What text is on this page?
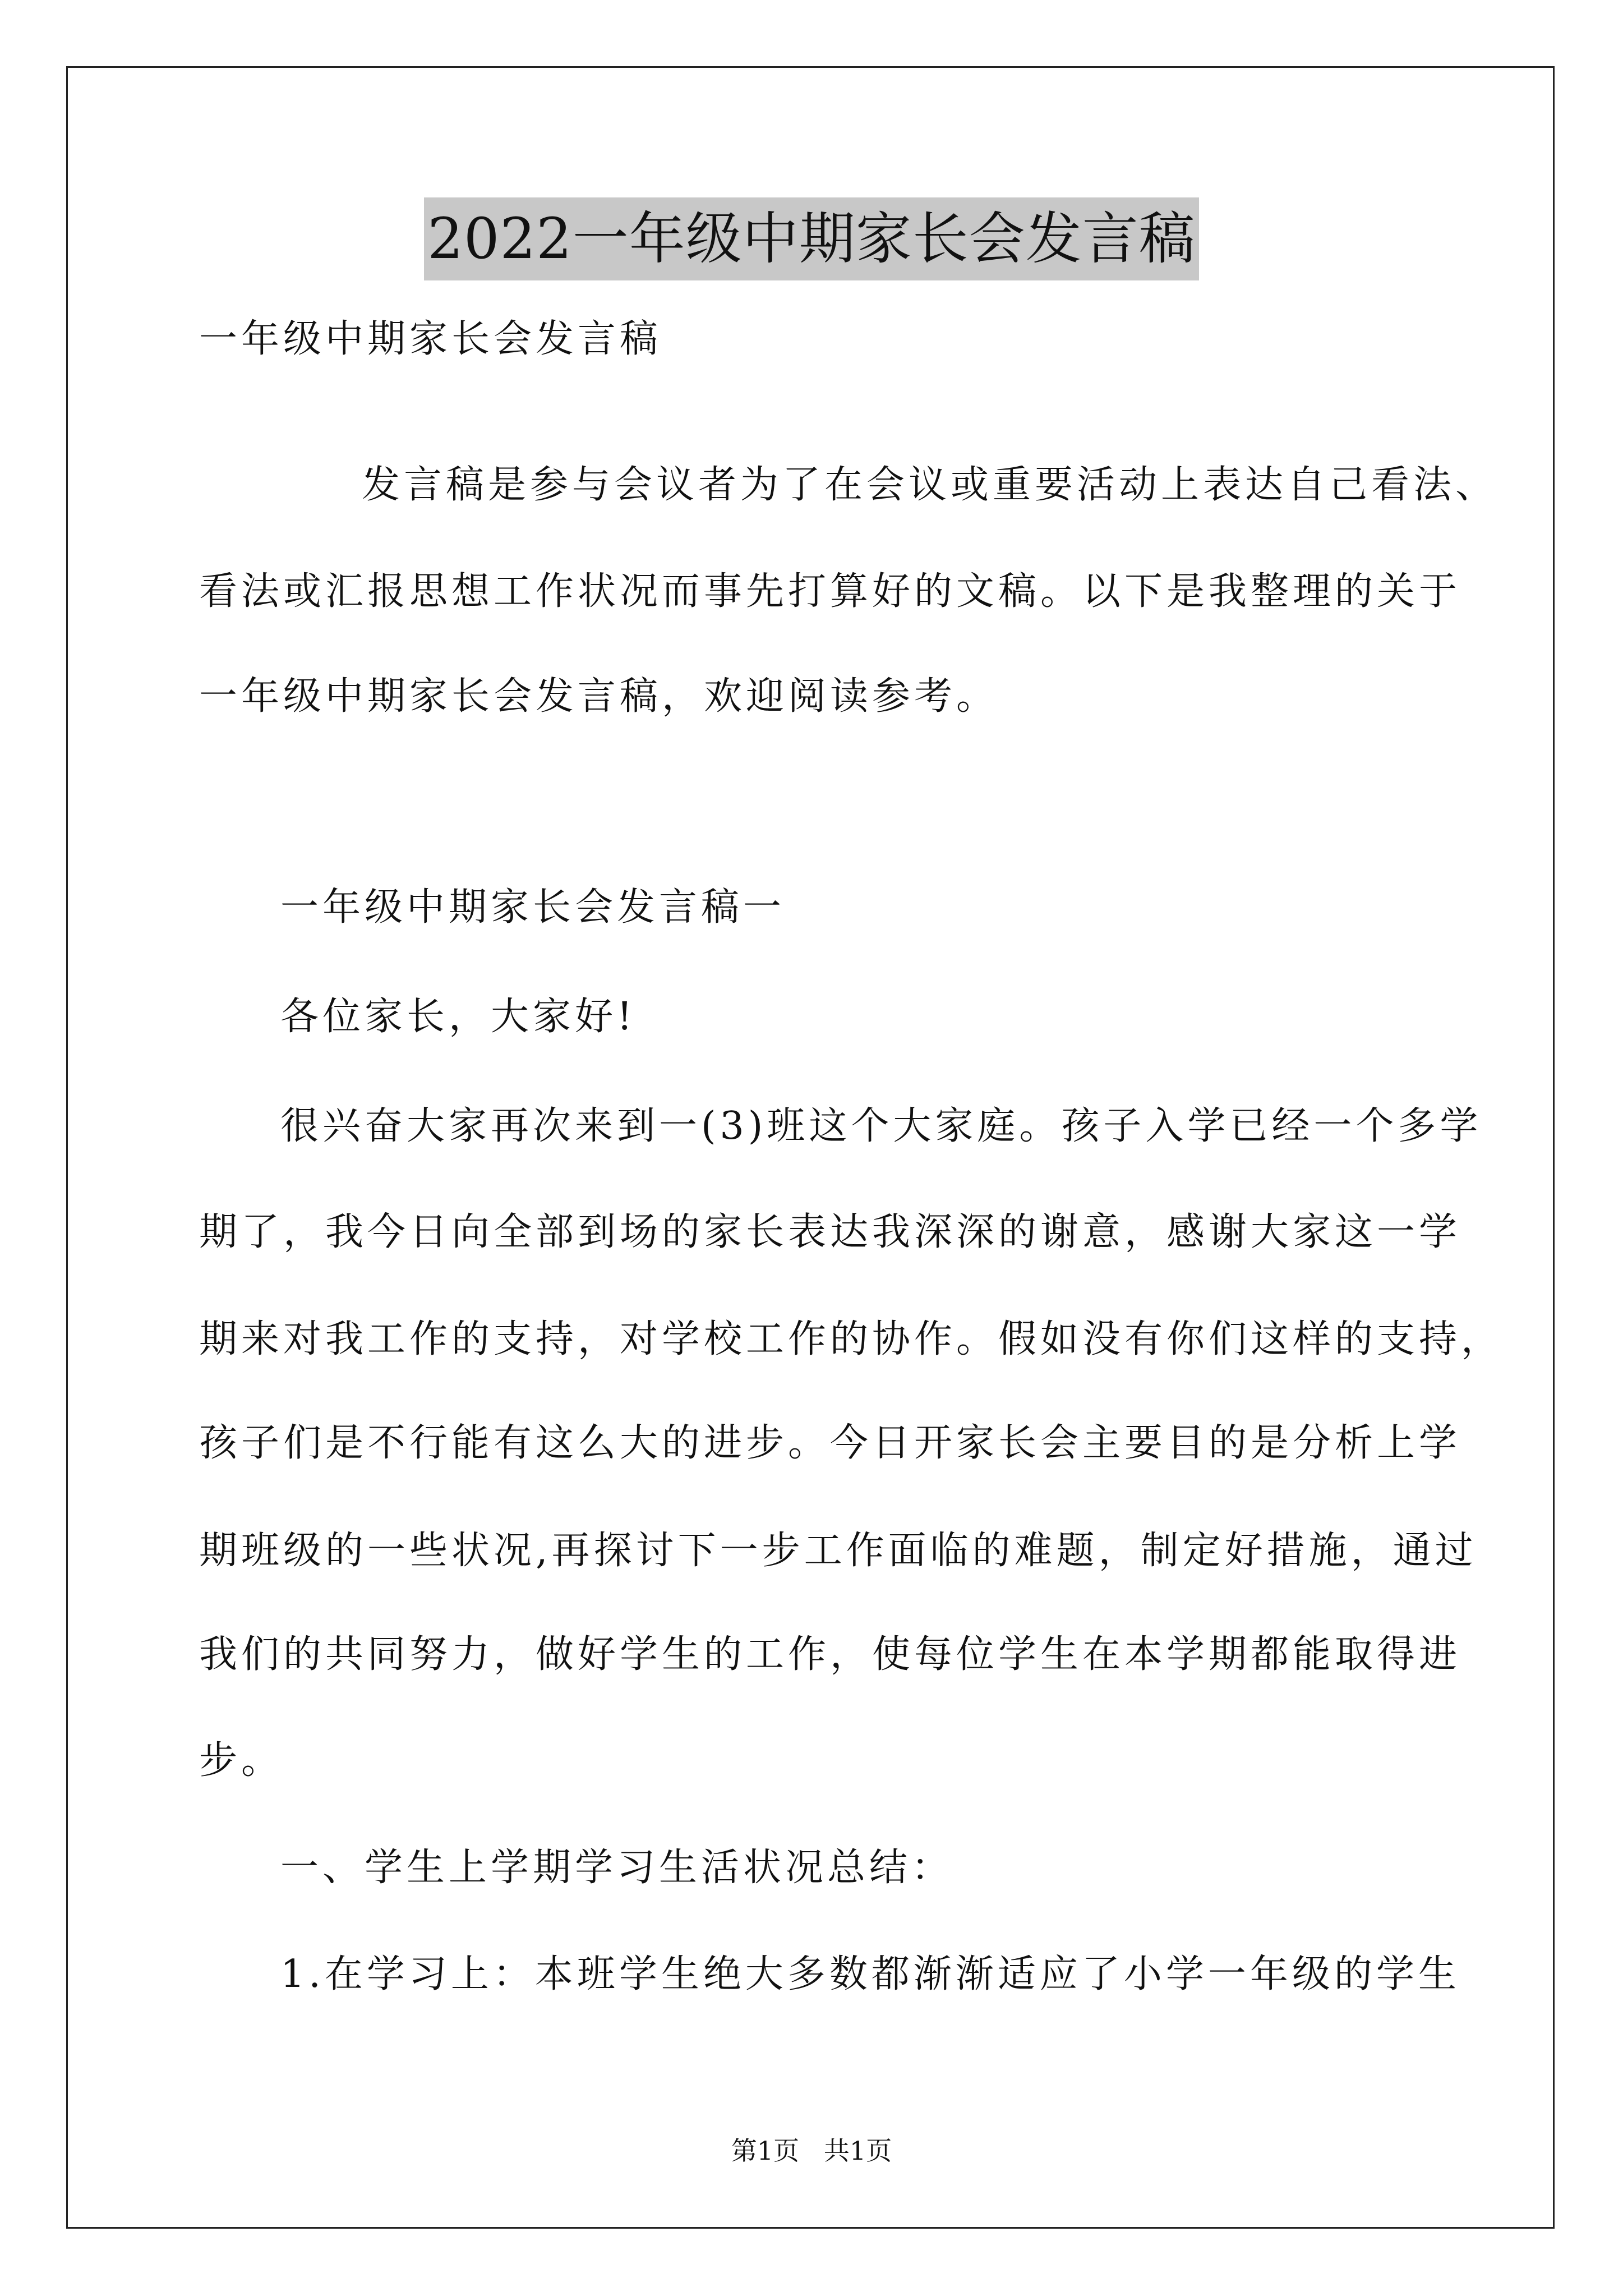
2022一年级中期家长会发言稿
一年级中期家长会发言稿
发言稿是参与会议者为了在会议或重要活动上表达自己看法、
看法或汇报思想工作状况而事先打算好的文稿。以下是我整理的关于
一年级中期家长会发言稿，欢迎阅读参考。
一年级中期家长会发言稿一
各位家长，大家好!
很兴奋大家再次来到一(3)班这个大家庭。孩子入学已经一个多学
期了，我今日向全部到场的家长表达我深深的谢意，感谢大家这一学
期来对我工作的支持，对学校工作的协作。假如没有你们这样的支持，
孩子们是不行能有这么大的进步。今日开家长会主要目的是分析上学
期班级的一些状况,再探讨下一步工作面临的难题，制定好措施，通过
我们的共同努力，做好学生的工作，使每位学生在本学期都能取得进
步。
一、学生上学期学习生活状况总结：
1.在学习上：本班学生绝大多数都渐渐适应了小学一年级的学生
第1页   共1页
